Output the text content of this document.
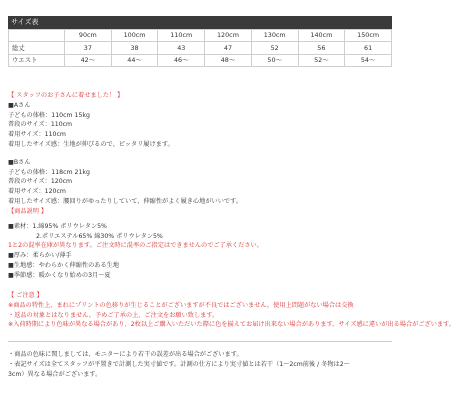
サイズ表
	90cm	100cm	110cm	120cm	130cm	140cm	150cm
総丈	37	38	43	47	52	56	61
ウエスト	42～	44～	46～	48～	50～	52～	54～
【 スタッフのお子さんに着せました！ 】
■Aさん
子どもの体格：110cm 15kg
普段のサイズ：110cm
着用サイズ：110cm
着用したサイズ感：生地が伸びるので、ピッタリ履けます。
■Bさん
子どもの体格：118cm 21kg
普段のサイズ：120cm
着用サイズ：120cm
着用したサイズ感：腰回りがゆったりしていて、伸縮性がよく履き心地がいいです。
【商品説明 】
■素材：1.綿95% ポリウレタン5%
2.ポリエステル65% 綿30% ポリウレタン5%
1と2の混率在庫が異なります。ご注文時に混率のご指定はできませんのでご了承ください。
■厚み：柔らかい/薄手
■生地感：やわらかく伸縮性のある生地
■季節感：暖かくなり始めの3月～夏
【 ご注意 】
※商品の特性上、まれにプリントの色移りが生じることがございますが不良ではございません。使用上問題がない場合は交換
・返品の対象とはなりません。予めご了承の上、ご注文をお願い致します。
※入荷時期により色味が異なる場合があり、2枚以上ご購入いただいた際に色を揃えてお届け出来ない場合があります。サイズ感に違いが出る場合がございます。
・商品の色味に関しましては、モニターにより若干の誤差が出る場合がございます。
・表記サイズは全てスタッフが平置きで計測した実寸値です。計測の仕方により実寸値とは若干（1～2cm前後 / 冬物は2～
3cm）異なる場合がございます。
